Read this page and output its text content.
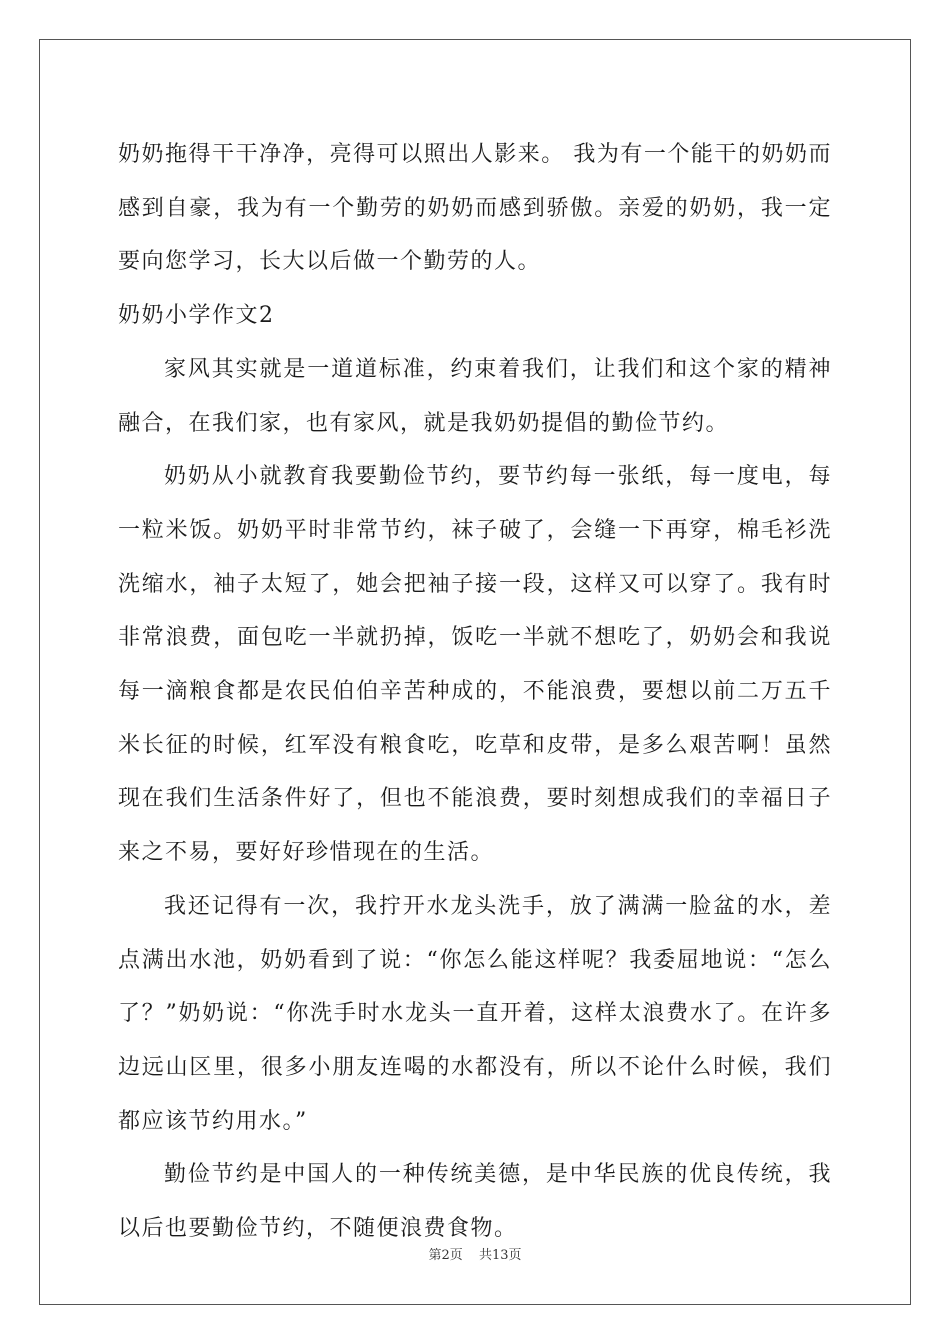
奶奶拖得干干净净，亮得可以照出人影来。 我为有一个能干的奶奶而感到自豪，我为有一个勤劳的奶奶而感到骄傲。亲爱的奶奶，我一定要向您学习，长大以后做一个勤劳的人。

奶奶小学作文2

家风其实就是一道道标准，约束着我们，让我们和这个家的精神融合，在我们家，也有家风，就是我奶奶提倡的勤俭节约。

奶奶从小就教育我要勤俭节约，要节约每一张纸，每一度电，每一粒米饭。奶奶平时非常节约，袜子破了，会缝一下再穿，棉毛衫洗洗缩水，袖子太短了，她会把袖子接一段，这样又可以穿了。我有时非常浪费，面包吃一半就扔掉，饭吃一半就不想吃了，奶奶会和我说每一滴粮食都是农民伯伯辛苦种成的，不能浪费，要想以前二万五千米长征的时候，红军没有粮食吃，吃草和皮带，是多么艰苦啊！虽然现在我们生活条件好了，但也不能浪费，要时刻想成我们的幸福日子来之不易，要好好珍惜现在的生活。

我还记得有一次，我拧开水龙头洗手，放了满满一脸盆的水，差点满出水池，奶奶看到了说：“你怎么能这样呢？我委屈地说：“怎么了？”奶奶说：“你洗手时水龙头一直开着，这样太浪费水了。在许多边远山区里，很多小朋友连喝的水都没有，所以不论什么时候，我们都应该节约用水。”

勤俭节约是中国人的一种传统美德，是中华民族的优良传统，我以后也要勤俭节约，不随便浪费食物。

第2页 共13页
